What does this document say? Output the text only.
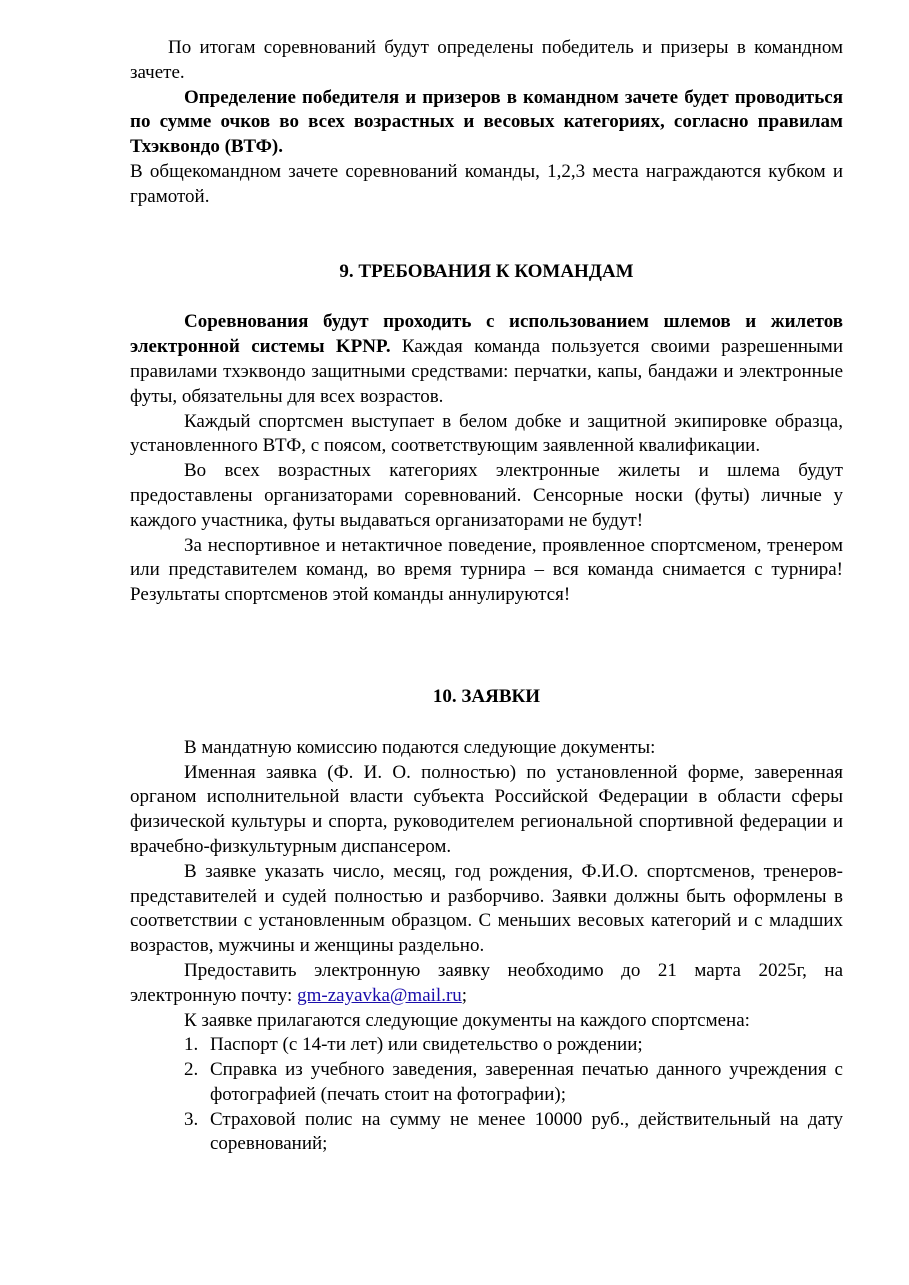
По итогам соревнований будут определены победитель и призеры в командном зачете.

Определение победителя и призеров в командном зачете будет проводиться по сумме очков во всех возрастных и весовых категориях, согласно правилам Тхэквондо (ВТФ).

В общекомандном зачете соревнований команды, 1,2,3 места награждаются кубком и грамотой.

9. ТРЕБОВАНИЯ К КОМАНДАМ

Соревнования будут проходить с использованием шлемов и жилетов электронной системы KPNP. Каждая команда пользуется своими разрешенными правилами тхэквондо защитными средствами: перчатки, капы, бандажи и электронные футы, обязательны для всех возрастов.

Каждый спортсмен выступает в белом добке и защитной экипировке образца, установленного ВТФ, с поясом, соответствующим заявленной квалификации.

Во всех возрастных категориях электронные жилеты и шлема будут предоставлены организаторами соревнований. Сенсорные носки (футы) личные у каждого участника, футы выдаваться организаторами не будут!

За неспортивное и нетактичное поведение, проявленное спортсменом, тренером или представителем команд, во время турнира – вся команда снимается с турнира! Результаты спортсменов этой команды аннулируются!

10. ЗАЯВКИ

В мандатную комиссию подаются следующие документы:

Именная заявка (Ф. И. О. полностью) по установленной форме, заверенная органом исполнительной власти субъекта Российской Федерации в области сферы физической культуры и спорта, руководителем региональной спортивной федерации и врачебно-физкультурным диспансером.

В заявке указать число, месяц, год рождения, Ф.И.О. спортсменов, тренеров-представителей и судей полностью и разборчиво. Заявки должны быть оформлены в соответствии с установленным образцом. С меньших весовых категорий и с младших возрастов, мужчины и женщины раздельно.

Предоставить электронную заявку необходимо до 21 марта 2025г, на электронную почту: gm-zayavka@mail.ru;

К заявке прилагаются следующие документы на каждого спортсмена:

1. Паспорт (с 14-ти лет) или свидетельство о рождении;
2. Справка из учебного заведения, заверенная печатью данного учреждения с фотографией (печать стоит на фотографии);
3. Страховой полис на сумму не менее 10000 руб., действительный на дату соревнований;
